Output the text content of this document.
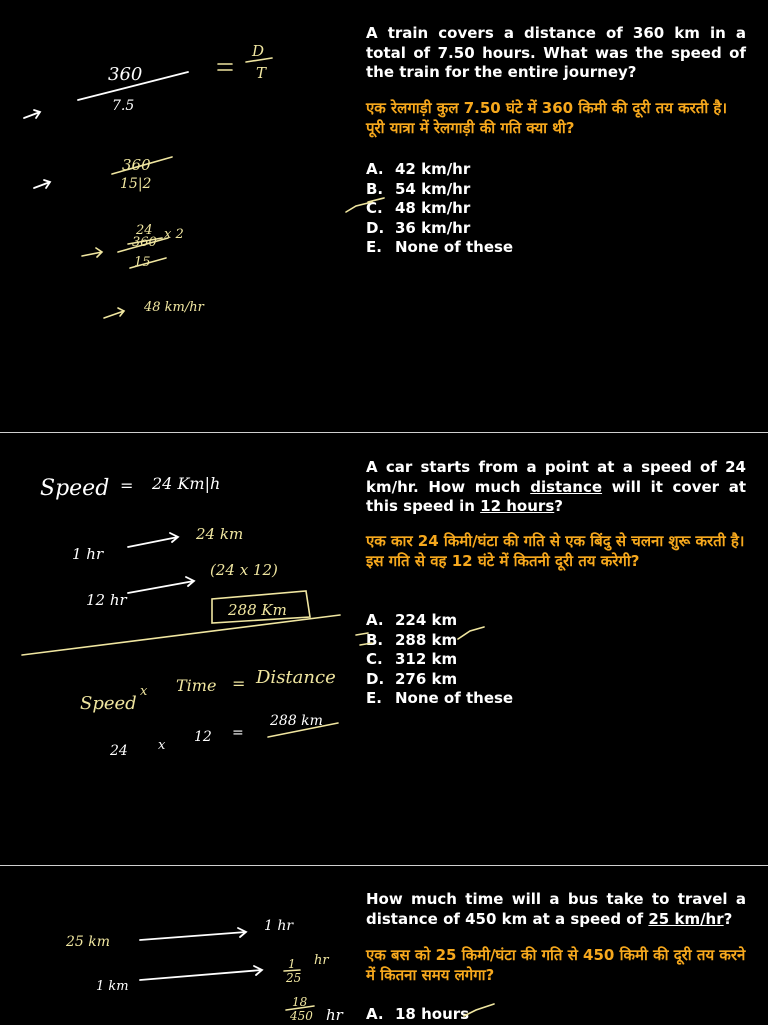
A train covers a distance of 360 km in a total of 7.50 hours. What was the speed of the train for the entire journey?
एक रेलगाड़ी कुल 7.50 घंटे में 360 किमी की दूरी तय करती है। पूरी यात्रा में रेलगाड़ी की गति क्या थी?
A. 42 km/hr
B. 54 km/hr
C. 48 km/hr
D. 36 km/hr
E. None of these
360
7.5
D
T
360
15|2
24
360
x 2
15
48 km/hr
A car starts from a point at a speed of 24 km/hr. How much distance will it cover at this speed in 12 hours?
एक कार 24 किमी/घंटा की गति से एक बिंदु से चलना शुरू करती है। इस गति से वह 12 घंटे में कितनी दूरी तय करेगी?
A. 224 km
B. 288 km
C. 312 km
D. 276 km
E. None of these
Speed = 24 Km|h
1 hr
24 km
12 hr
(24 x 12)
288 Km
Speed
x Time = Distance
24 x
12 =
288 km
How much time will a bus take to travel a distance of 450 km at a speed of 25 km/hr?
एक बस को 25 किमी/घंटा की गति से 450 किमी की दूरी तय करने में कितना समय लगेगा?
A. 18 hours
25 km
1 hr
1 km
1
25
hr
18
450 hr
